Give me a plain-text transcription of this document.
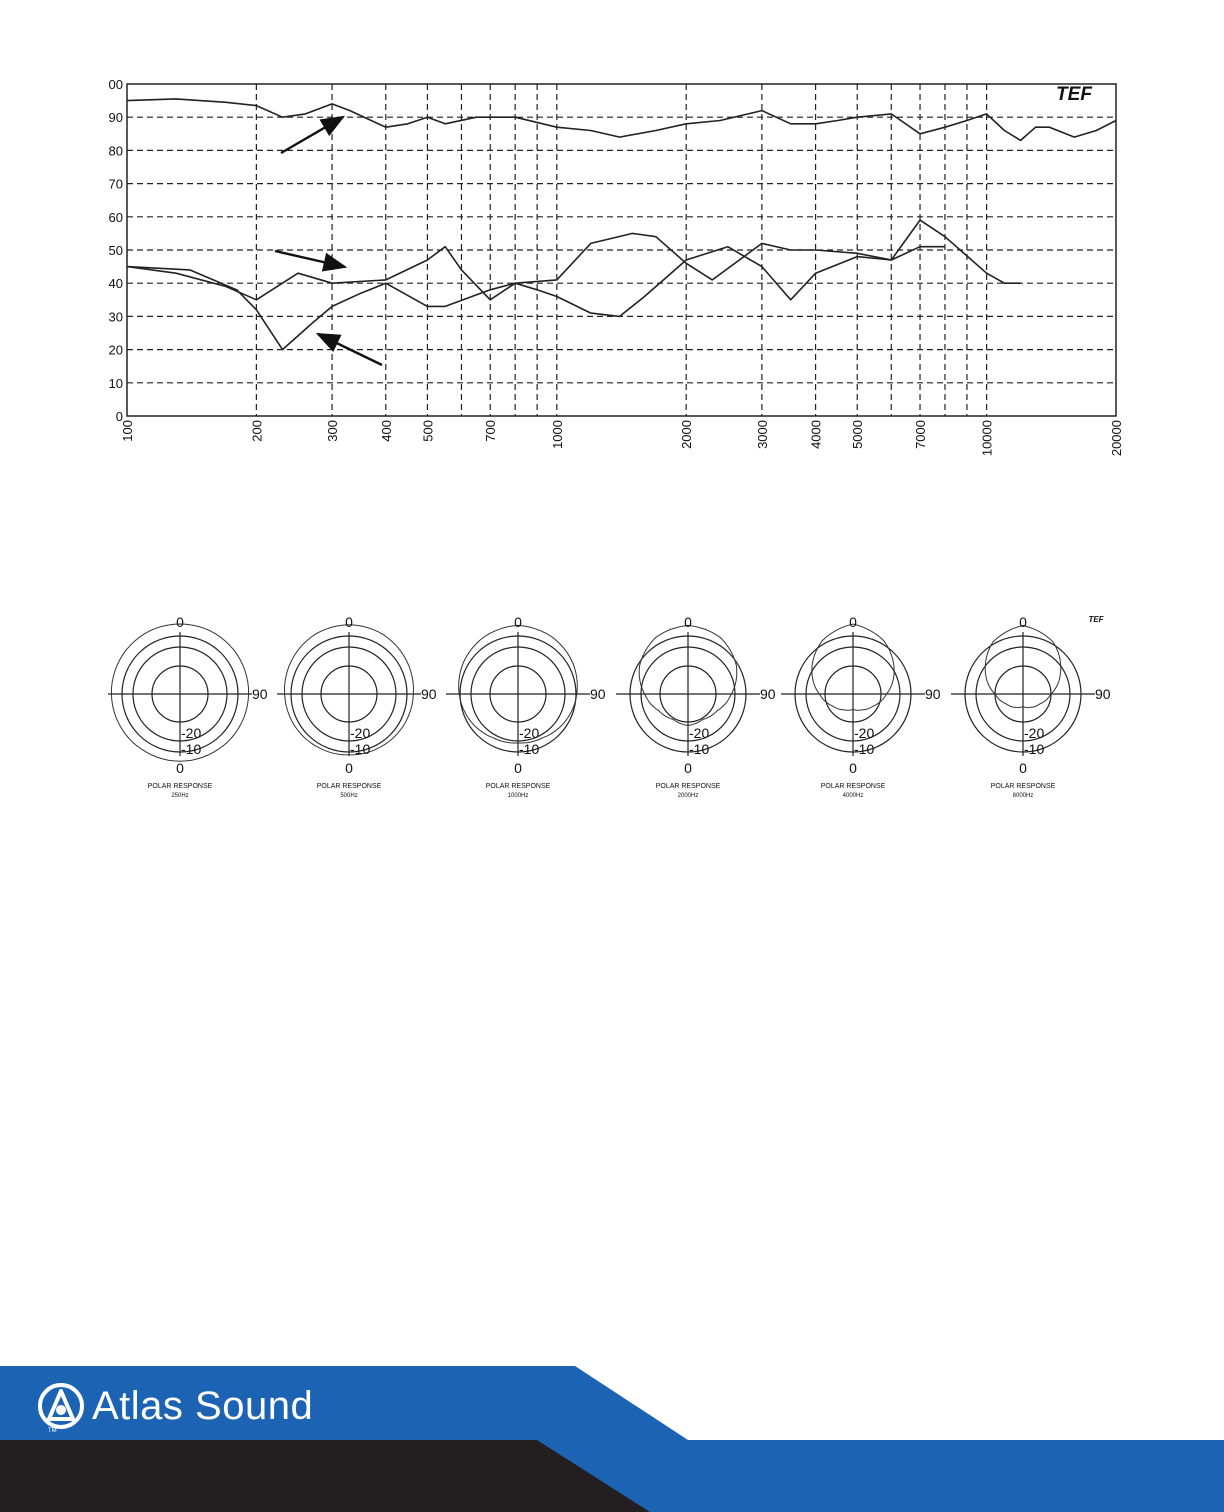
0
10
20
30
40
50
60
70
80
90
00
100	200	300	400 500	700	1000	2000	3000	4000 5000	7000	10000	20000
TEF
0
90
0
-20
-10
POLAR RESPONSE
250Hz
0
90
0
-20
-10
POLAR RESPONSE
500Hz
0
90
0
-20
-10
POLAR RESPONSE
1000Hz
0
90
0
-20
-10
POLAR RESPONSE
2000Hz
0
90
0
-20
-10
POLAR RESPONSE
4000Hz
0
90
0
-20
-10
POLAR RESPONSE
8000Hz
TEF
Atlas Sound
TM
